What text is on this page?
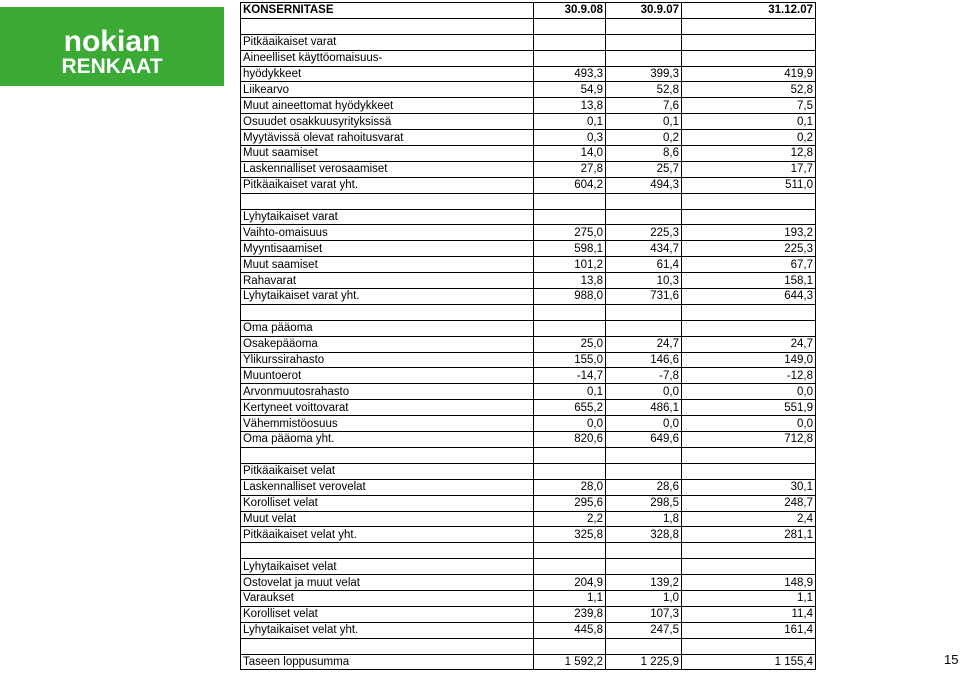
nokian
RENKAAT
KONSERNITASE	30.9.08	30.9.07	31.12.07

Pitkäaikaiset varat			
Aineelliset käyttöomaisuus-			
hyödykkeet	493,3	399,3	419,9
Liikearvo	54,9	52,8	52,8
Muut aineettomat hyödykkeet	13,8	7,6	7,5
Osuudet osakkuusyrityksissä	0,1	0,1	0,1
Myytävissä olevat rahoitusvarat	0,3	0,2	0,2
Muut saamiset	14,0	8,6	12,8
Laskennalliset verosaamiset	27,8	25,7	17,7
Pitkäaikaiset varat yht.	604,2	494,3	511,0

Lyhytaikaiset varat			
Vaihto-omaisuus	275,0	225,3	193,2
Myyntisaamiset	598,1	434,7	225,3
Muut saamiset	101,2	61,4	67,7
Rahavarat	13,8	10,3	158,1
Lyhytaikaiset varat yht.	988,0	731,6	644,3

Oma pääoma			
Osakepääoma	25,0	24,7	24,7
Ylikurssirahasto	155,0	146,6	149,0
Muuntoerot	-14,7	-7,8	-12,8
Arvonmuutosrahasto	0,1	0,0	0,0
Kertyneet voittovarat	655,2	486,1	551,9
Vähemmistöosuus	0,0	0,0	0,0
Oma pääoma yht.	820,6	649,6	712,8

Pitkäaikaiset velat			
Laskennalliset verovelat	28,0	28,6	30,1
Korolliset velat	295,6	298,5	248,7
Muut velat	2,2	1,8	2,4
Pitkäaikaiset velat yht.	325,8	328,8	281,1

Lyhytaikaiset velat			
Ostovelat ja muut velat	204,9	139,2	148,9
Varaukset	1,1	1,0	1,1
Korolliset velat	239,8	107,3	11,4
Lyhytaikaiset velat yht.	445,8	247,5	161,4

Taseen loppusumma	1 592,2	1 225,9	1 155,4	15
